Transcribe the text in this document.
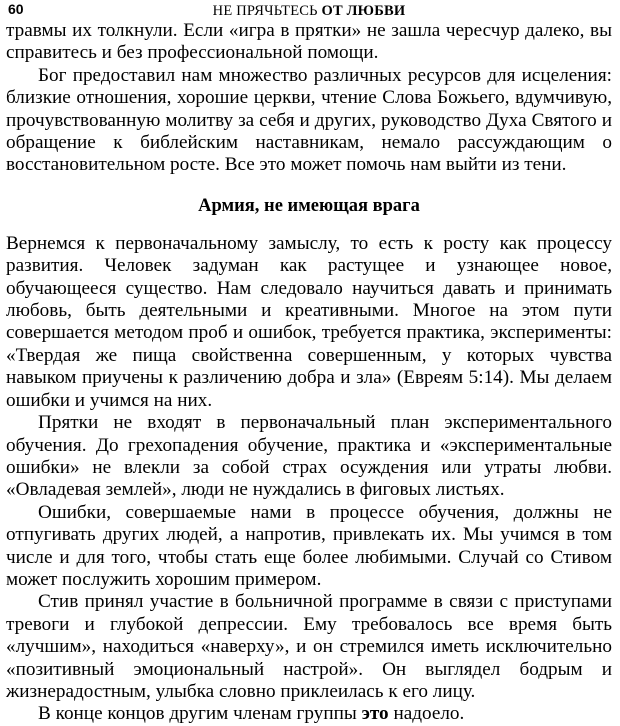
60	НЕ ПРЯЧЬТЕСЬ ОТ ЛЮБВИ

травмы их толкнули. Если «игра в прятки» не зашла чересчур далеко, вы справитесь и без профессиональной помощи.

Бог предоставил нам множество различных ресурсов для исцеления: близкие отношения, хорошие церкви, чтение Слова Божьего, вдумчивую, прочувствованную молитву за себя и других, руководство Духа Святого и обращение к библейским наставникам, немало рассуждающим о восстановительном росте. Все это может помочь нам выйти из тени.

Армия, не имеющая врага

Вернемся к первоначальному замыслу, то есть к росту как процессу развития. Человек задуман как растущее и узнающее новое, обучающееся существо. Нам следовало научиться давать и принимать любовь, быть деятельными и креативными. Многое на этом пути совершается методом проб и ошибок, требуется практика, эксперименты: «Твердая же пища свойственна совершенным, у которых чувства навыком приучены к различению добра и зла» (Евреям 5:14). Мы делаем ошибки и учимся на них.

Прятки не входят в первоначальный план экспериментального обучения. До грехопадения обучение, практика и «экспериментальные ошибки» не влекли за собой страх осуждения или утраты любви. «Овладевая землей», люди не нуждались в фиговых листьях.

Ошибки, совершаемые нами в процессе обучения, должны не отпугивать других людей, а напротив, привлекать их. Мы учимся в том числе и для того, чтобы стать еще более любимыми. Случай со Стивом может послужить хорошим примером.

Стив принял участие в больничной программе в связи с приступами тревоги и глубокой депрессии. Ему требовалось все время быть «лучшим», находиться «наверху», и он стремился иметь исключительно «позитивный эмоциональный настрой». Он выглядел бодрым и жизнерадостным, улыбка словно приклеилась к его лицу.

В конце концов другим членам группы это надоело.
